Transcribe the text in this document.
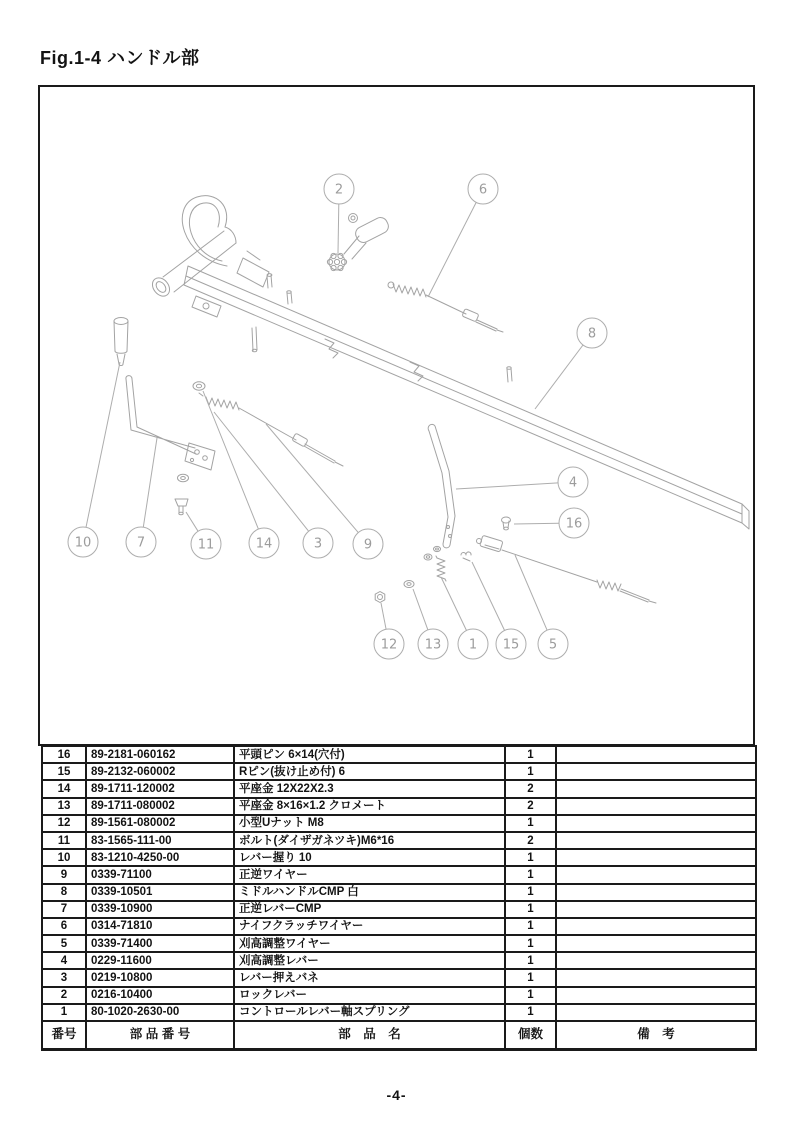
Fig.1-4 ハンドル部
2	6
8
4
16
10	7	11	14	3	9
12 13 1 15 5
16	89-2181-060162	平頭ピン 6×14(穴付)	1	
15	89-2132-060002	Rピン(抜け止め付) 6	1	
14	89-1711-120002	平座金 12X22X2.3	2	
13	89-1711-080002	平座金 8×16×1.2 クロメート	2	
12	89-1561-080002	小型Uナット M8	1	
11	83-1565-111-00	ボルト(ダイザガネツキ)M6*16	2	
10	83-1210-4250-00	レバー握り 10	1	
9	0339-71100	正逆ワイヤー	1	
8	0339-10501	ミドルハンドルCMP 白	1	
7	0339-10900	正逆レバーCMP	1	
6	0314-71810	ナイフクラッチワイヤー	1	
5	0339-71400	刈高調整ワイヤー	1	
4	0229-11600	刈高調整レバー	1	
3	0219-10800	レバー押えバネ	1	
2	0216-10400	ロックレバー	1	
1	80-1020-2630-00	コントロールレバー軸スプリング	1	
番号	部 品 番 号	部　品　名	個数	備　考
-4-
